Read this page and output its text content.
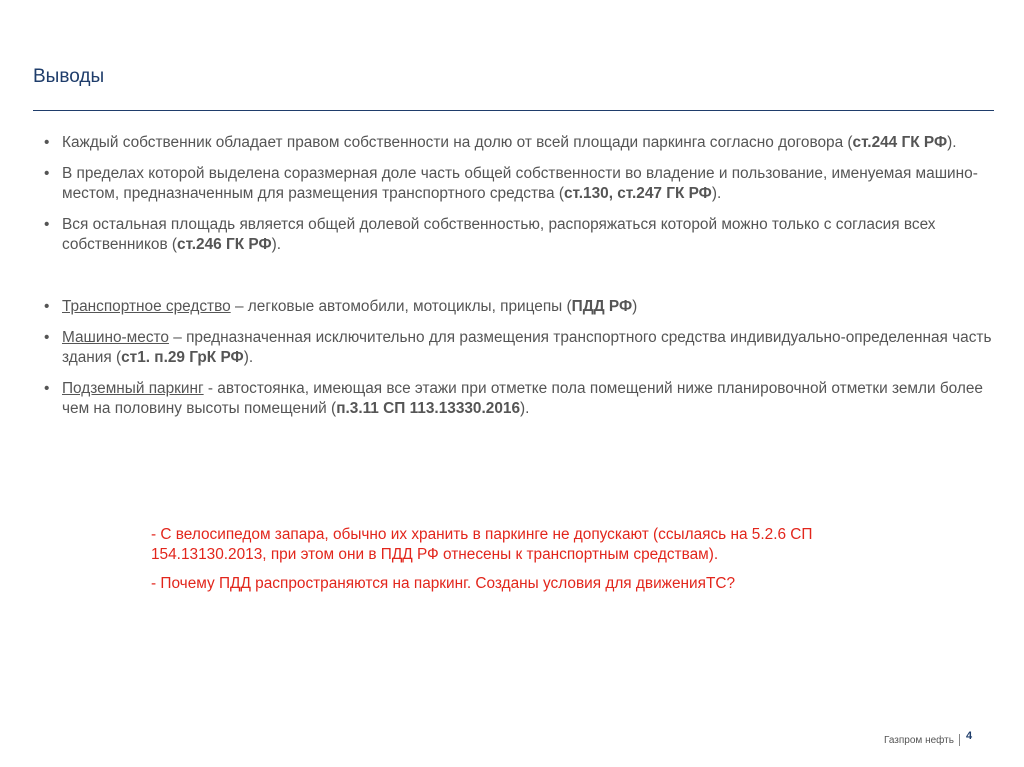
Выводы
• Каждый собственник обладает правом собственности на долю от всей площади паркинга согласно договора (ст.244 ГК РФ).
• В пределах которой выделена соразмерная доле часть общей собственности во владение и пользование, именуемая машино-местом, предназначенным для размещения транспортного средства (ст.130, ст.247 ГК РФ).
• Вся остальная площадь является общей долевой собственностью, распоряжаться которой можно только с согласия всех собственников (ст.246 ГК РФ).
• Транспортное средство – легковые автомобили, мотоциклы, прицепы (ПДД РФ)
• Машино-место – предназначенная исключительно для размещения транспортного средства индивидуально-определенная часть здания (ст1. п.29 ГрК РФ).
• Подземный паркинг - автостоянка, имеющая все этажи при отметке пола помещений ниже планировочной отметки земли более чем на половину высоты помещений (п.3.11 СП 113.13330.2016).

- С велосипедом запара, обычно их хранить в паркинге не допускают (ссылаясь на 5.2.6 СП 154.13130.2013, при этом они в ПДД РФ отнесены к транспортным средствам).

- Почему ПДД распространяются на паркинг. Созданы условия для движенияТС?

Газпром нефть 4
